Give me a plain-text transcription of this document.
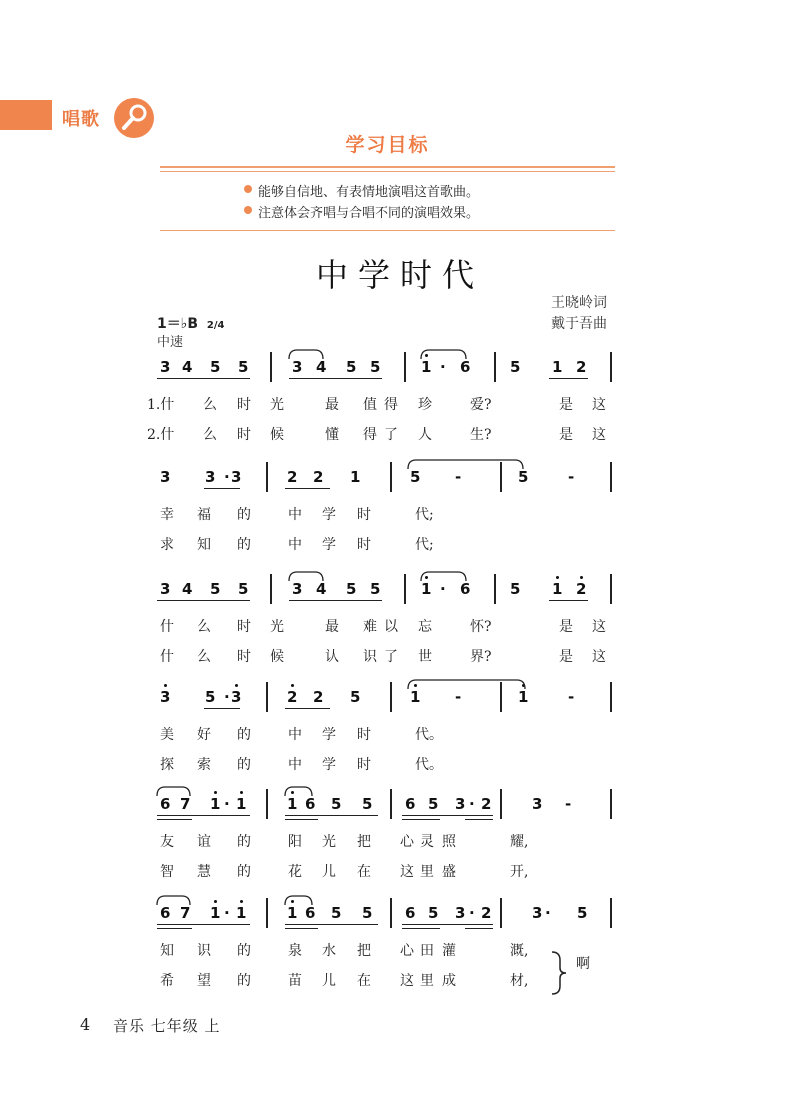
唱歌
学习目标
能够自信地、有表情地演唱这首歌曲。
注意体会齐唱与合唱不同的演唱效果。
中学时代
王晓岭词
戴于吾曲
1＝♭B 2/4
中速
3 4 5 5	3 4 5 5	1 · 6	5 1 2
1.什 么 时 光	最 值 得 珍	爱?	是 这
2.什 么 时 候	懂 得 了 人	生?	是 这
3 3 · 3	2 2 1	5 -	5	-
幸 福 的	中 学 时	代;
求 知 的	中 学 时	代;
3 4 5 5	3 4 5 5	1 · 6	5 1 2
什 么 时 光	最 难 以 忘	怀?	是 这
什 么 时 候	认 识 了 世	界?	是 这
3 5 · 3	2 2 5	1 -	1	-
美 好 的	中 学 时	代。
探 索 的	中 学 时	代。
6 7 1 · 1	1 6 5 5 6 5 3 · 2	3 -
友 谊 的	阳 光 把 心 灵 照	耀,
智 慧 的	花 儿 在 这 里 盛	开,
6 7 1 · 1	1 6 5 5 6 5 3 · 2	3 · 5
知 识 的	泉 水 把 心 田 灌	溉,
希 望 的	苗 儿 在 这 里 成	材,
啊
4 音乐 七年级 上
